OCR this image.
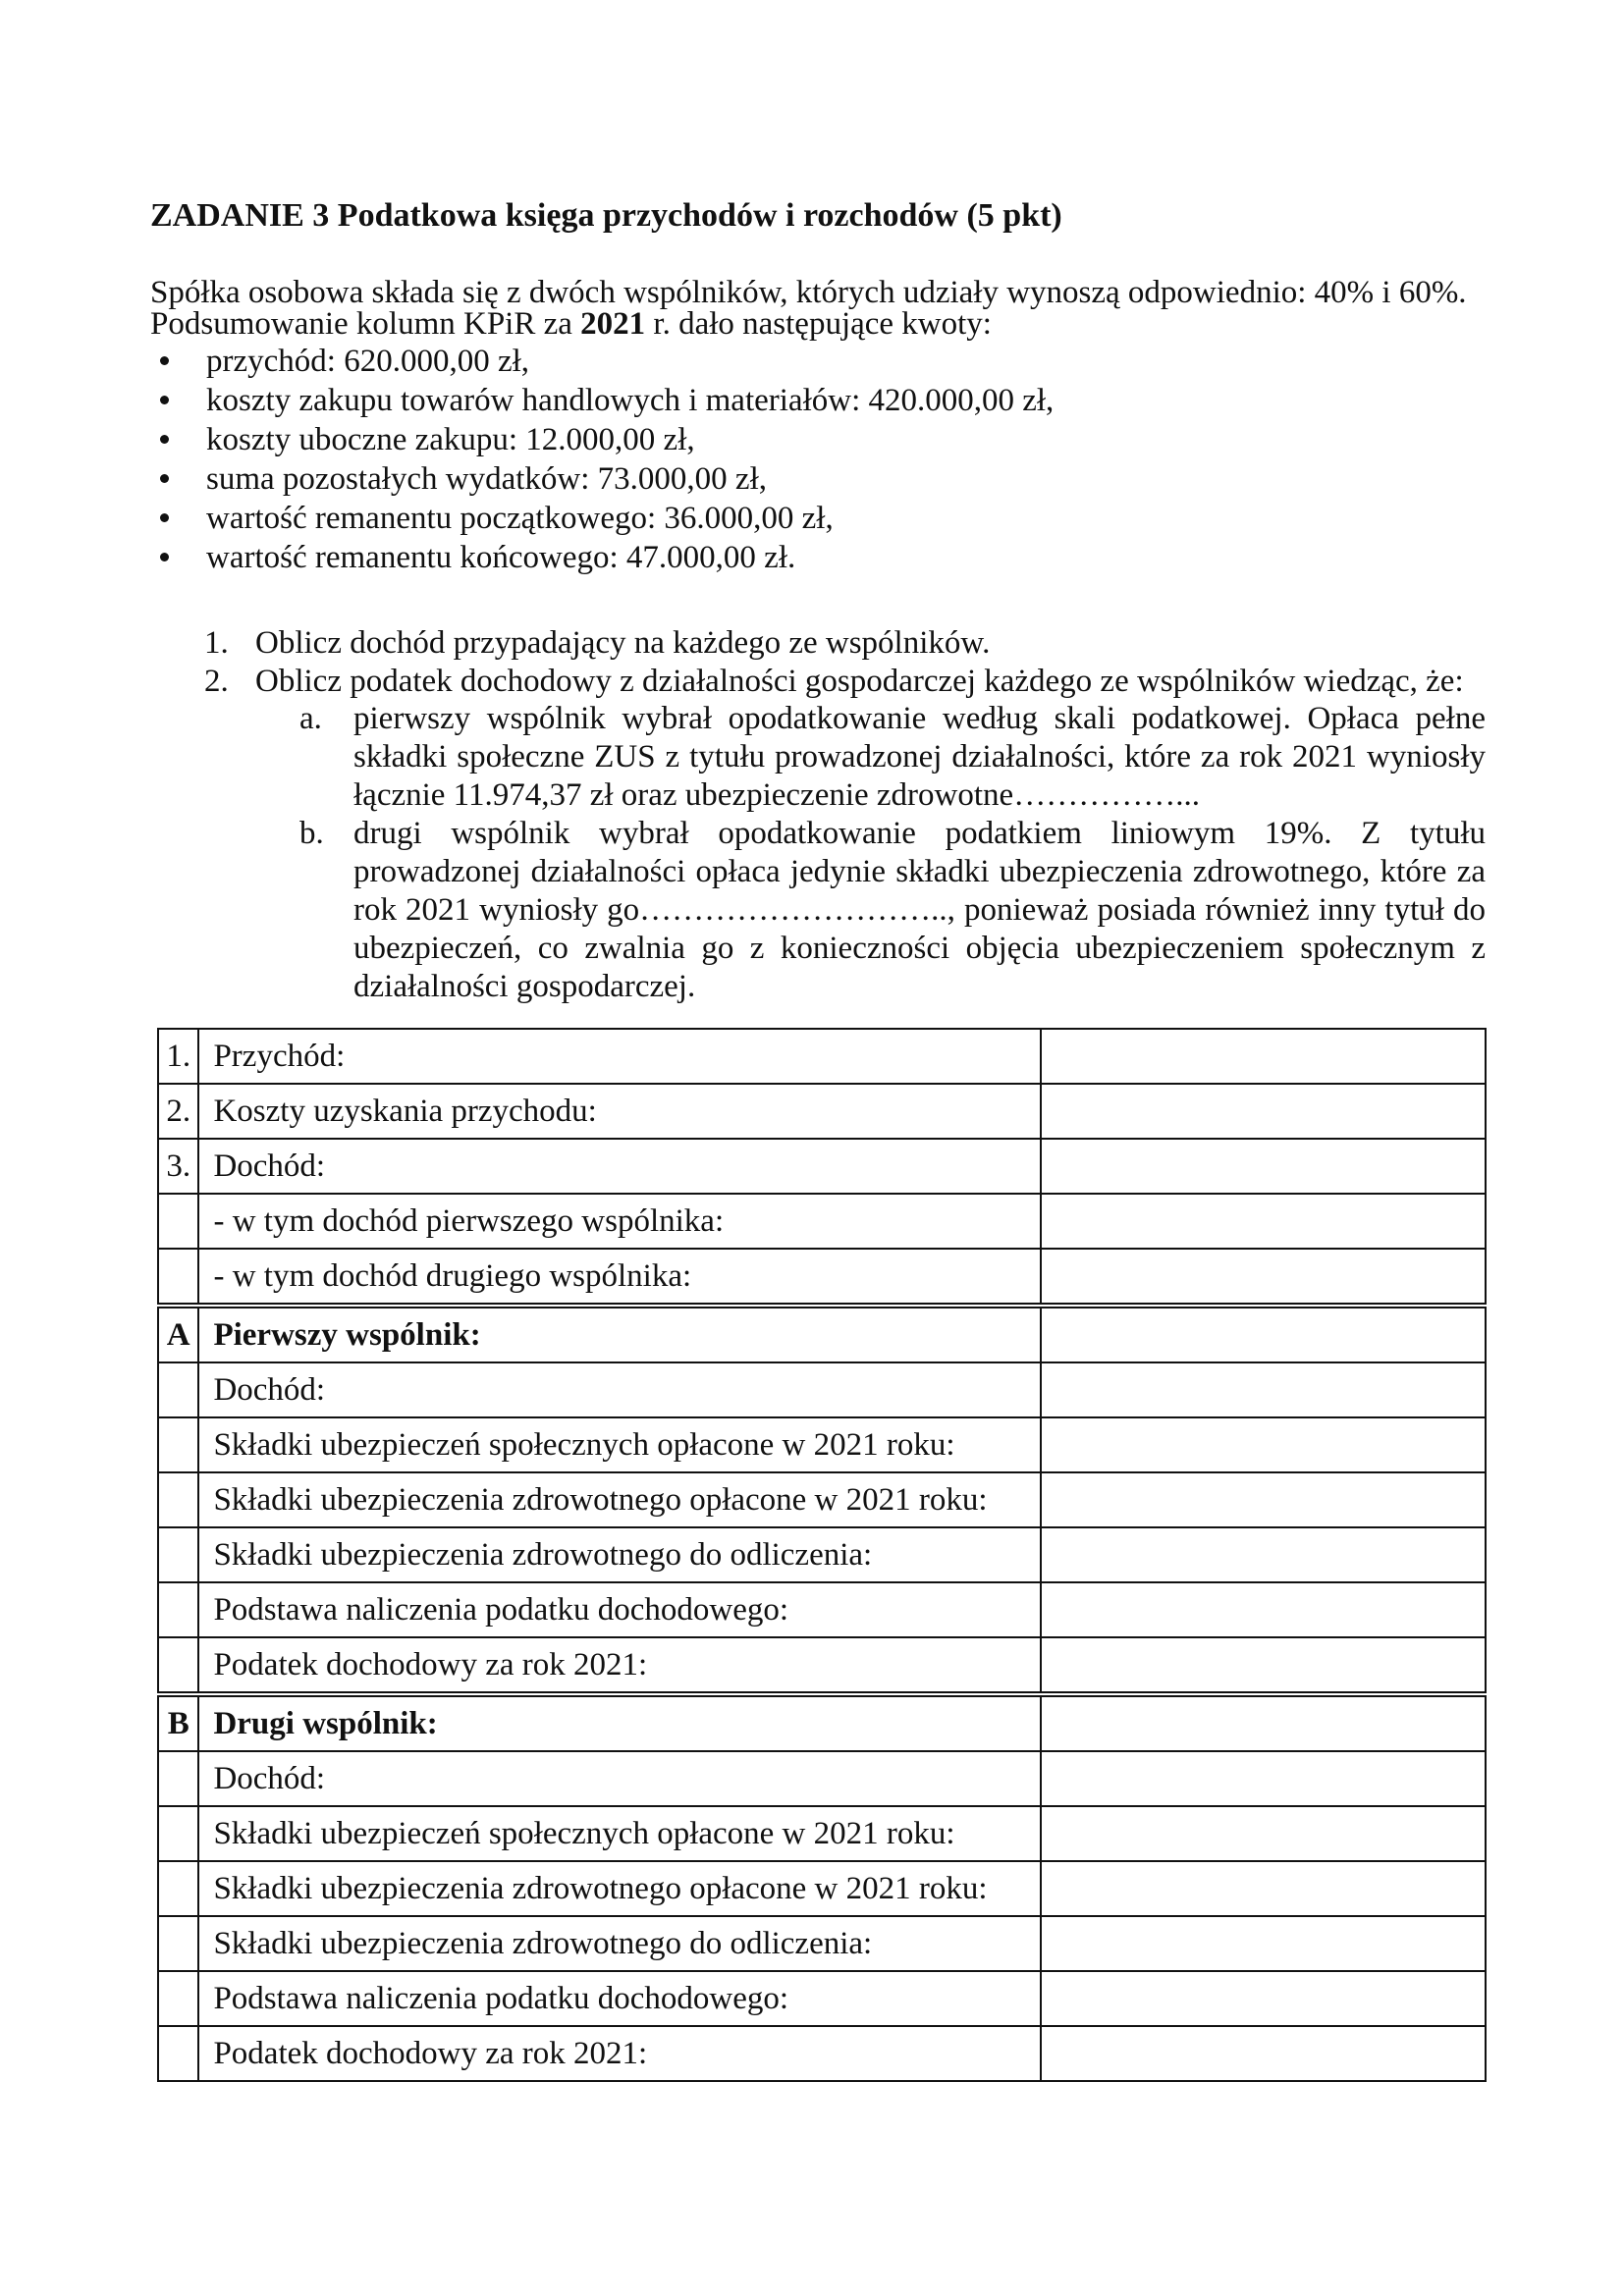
ZADANIE 3 Podatkowa księga przychodów i rozchodów (5 pkt)
Spółka osobowa składa się z dwóch wspólników, których udziały wynoszą odpowiednio: 40% i 60%.
Podsumowanie kolumn KPiR za 2021 r. dało następujące kwoty:
przychód: 620.000,00 zł,
koszty zakupu towarów handlowych i materiałów: 420.000,00 zł,
koszty uboczne zakupu: 12.000,00 zł,
suma pozostałych wydatków: 73.000,00 zł,
wartość remanentu początkowego: 36.000,00 zł,
wartość remanentu końcowego: 47.000,00 zł.
1. Oblicz dochód przypadający na każdego ze wspólników.
2. Oblicz podatek dochodowy z działalności gospodarczej każdego ze wspólników wiedząc, że:
a. pierwszy wspólnik wybrał opodatkowanie według skali podatkowej. Opłaca pełne składki społeczne ZUS z tytułu prowadzonej działalności, które za rok 2021 wyniosły łącznie 11.974,37 zł oraz ubezpieczenie zdrowotne……………...
b. drugi wspólnik wybrał opodatkowanie podatkiem liniowym 19%. Z tytułu prowadzonej działalności opłaca jedynie składki ubezpieczenia zdrowotnego, które za rok 2021 wyniosły go……………………….., ponieważ posiada również inny tytuł do ubezpieczeń, co zwalnia go z konieczności objęcia ubezpieczeniem społecznym z działalności gospodarczej.
1.	Przychód:	
2.	Koszty uzyskania przychodu:	
3.	Dochód:	
	- w tym dochód pierwszego wspólnika:	
	- w tym dochód drugiego wspólnika:	
A	Pierwszy wspólnik:	
	Dochód:	
	Składki ubezpieczeń społecznych opłacone w 2021 roku:	
	Składki ubezpieczenia zdrowotnego opłacone w 2021 roku:	
	Składki ubezpieczenia zdrowotnego do odliczenia:	
	Podstawa naliczenia podatku dochodowego:	
	Podatek dochodowy za rok 2021:	
B	Drugi wspólnik:	
	Dochód:	
	Składki ubezpieczeń społecznych opłacone w 2021 roku:	
	Składki ubezpieczenia zdrowotnego opłacone w 2021 roku:	
	Składki ubezpieczenia zdrowotnego do odliczenia:	
	Podstawa naliczenia podatku dochodowego:	
	Podatek dochodowy za rok 2021:	
